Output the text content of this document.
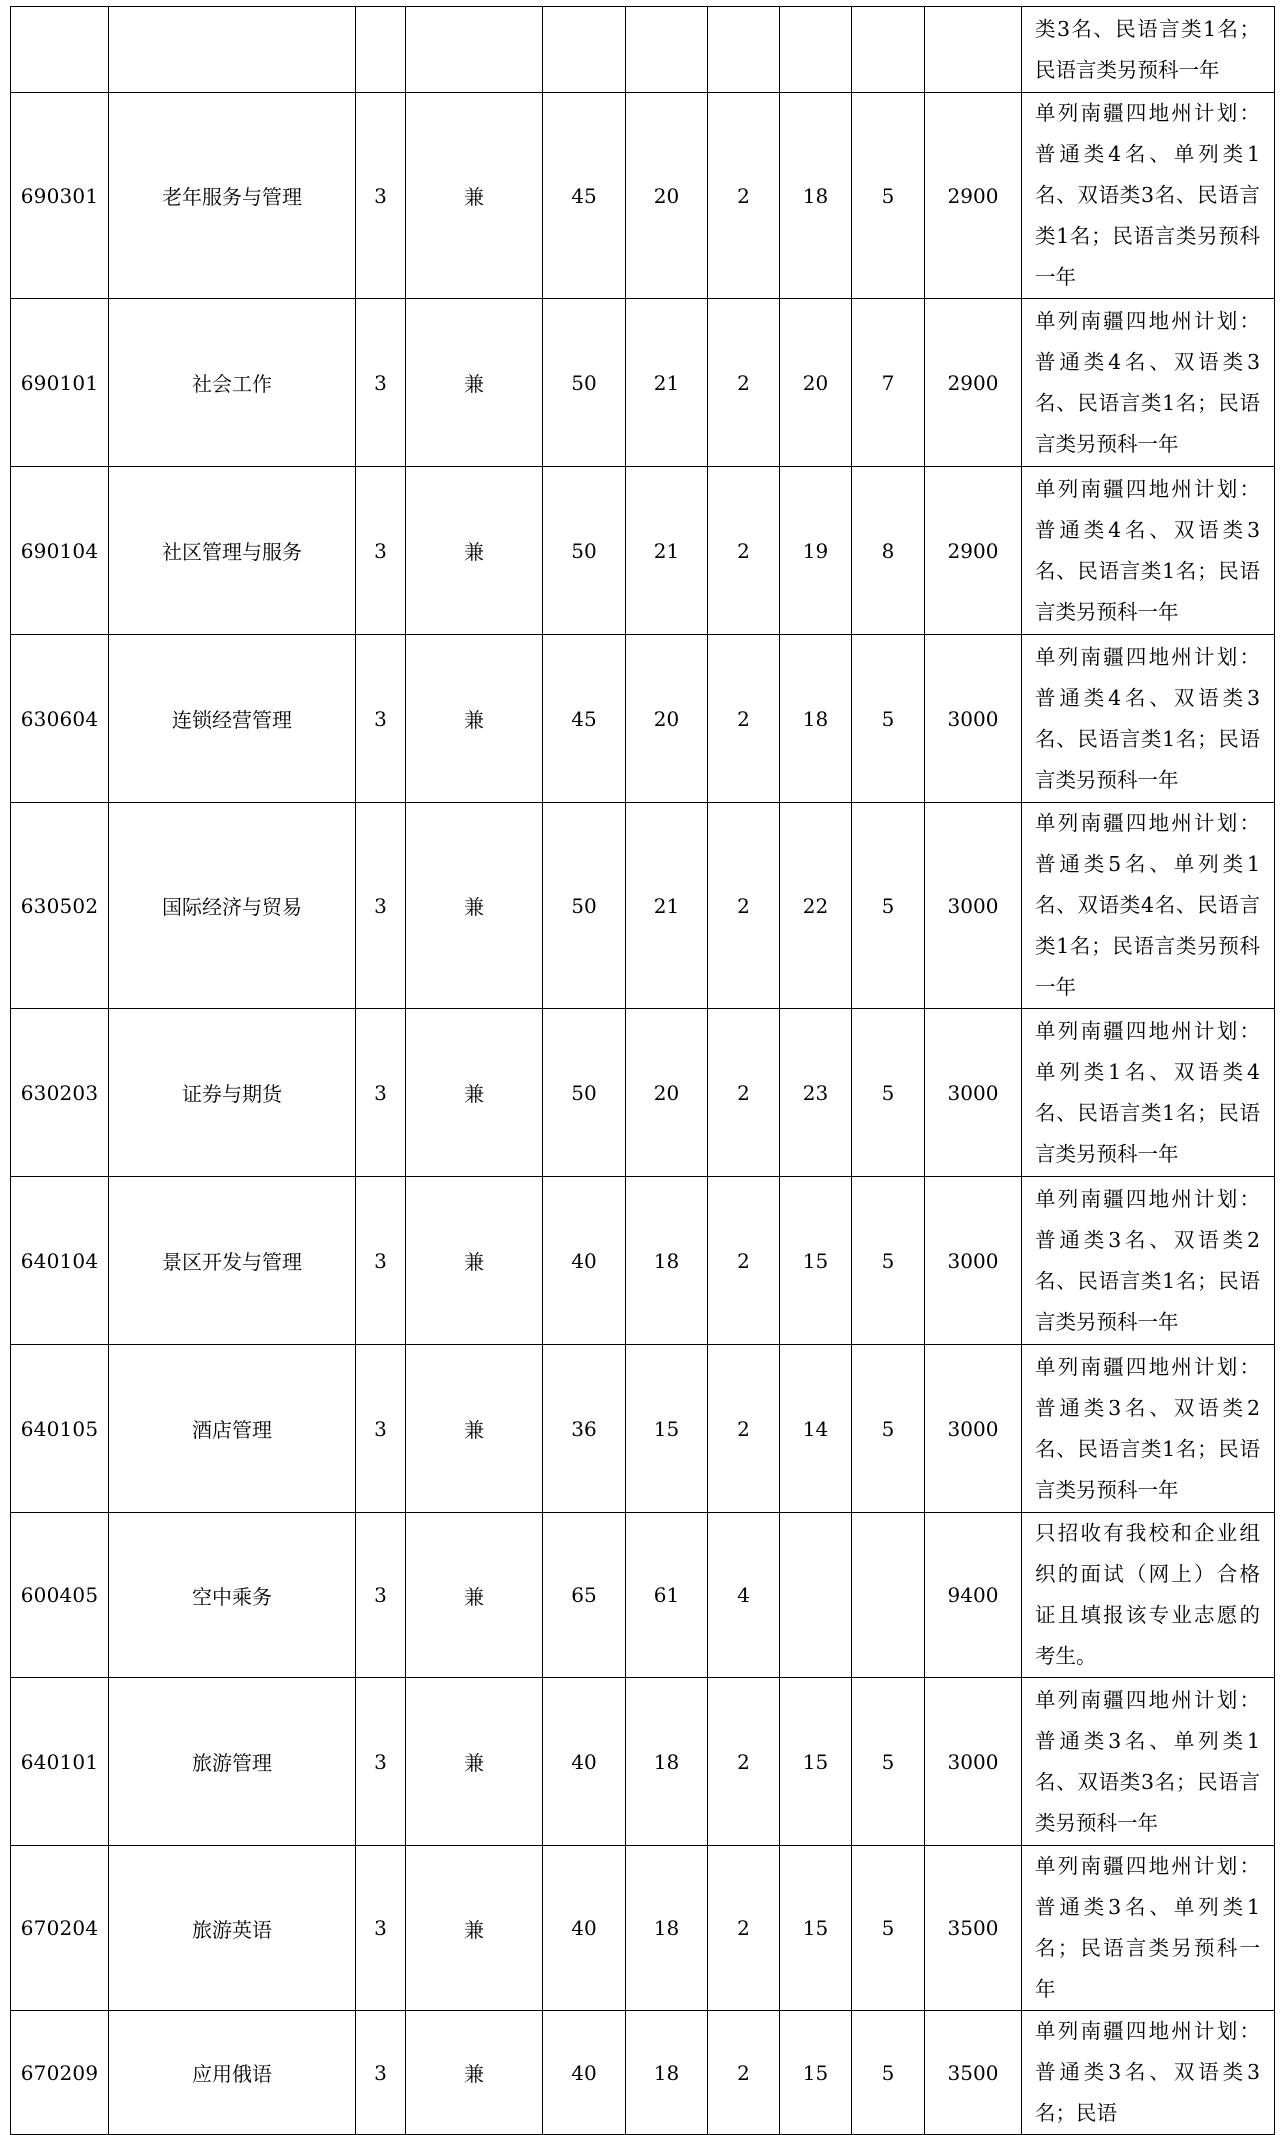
										类3名、民语言类1名；民语言类另预科一年
690301	老年服务与管理	3	兼	45	20	2	18	5	2900	单列南疆四地州计划：普通类4名、单列类1名、双语类3名、民语言类1名；民语言类另预科一年
690101	社会工作	3	兼	50	21	2	20	7	2900	单列南疆四地州计划：普通类4名、双语类3名、民语言类1名；民语言类另预科一年
690104	社区管理与服务	3	兼	50	21	2	19	8	2900	单列南疆四地州计划：普通类4名、双语类3名、民语言类1名；民语言类另预科一年
630604	连锁经营管理	3	兼	45	20	2	18	5	3000	单列南疆四地州计划：普通类4名、双语类3名、民语言类1名；民语言类另预科一年
630502	国际经济与贸易	3	兼	50	21	2	22	5	3000	单列南疆四地州计划：普通类5名、单列类1名、双语类4名、民语言类1名；民语言类另预科一年
630203	证券与期货	3	兼	50	20	2	23	5	3000	单列南疆四地州计划：单列类1名、双语类4名、民语言类1名；民语言类另预科一年
640104	景区开发与管理	3	兼	40	18	2	15	5	3000	单列南疆四地州计划：普通类3名、双语类2名、民语言类1名；民语言类另预科一年
640105	酒店管理	3	兼	36	15	2	14	5	3000	单列南疆四地州计划：普通类3名、双语类2名、民语言类1名；民语言类另预科一年
600405	空中乘务	3	兼	65	61	4			9400	只招收有我校和企业组织的面试（网上）合格证且填报该专业志愿的考生。
640101	旅游管理	3	兼	40	18	2	15	5	3000	单列南疆四地州计划：普通类3名、单列类1名、双语类3名；民语言类另预科一年
670204	旅游英语	3	兼	40	18	2	15	5	3500	单列南疆四地州计划：普通类3名、单列类1名；民语言类另预科一年
670209	应用俄语	3	兼	40	18	2	15	5	3500	单列南疆四地州计划：普通类3名、双语类3名；民语
